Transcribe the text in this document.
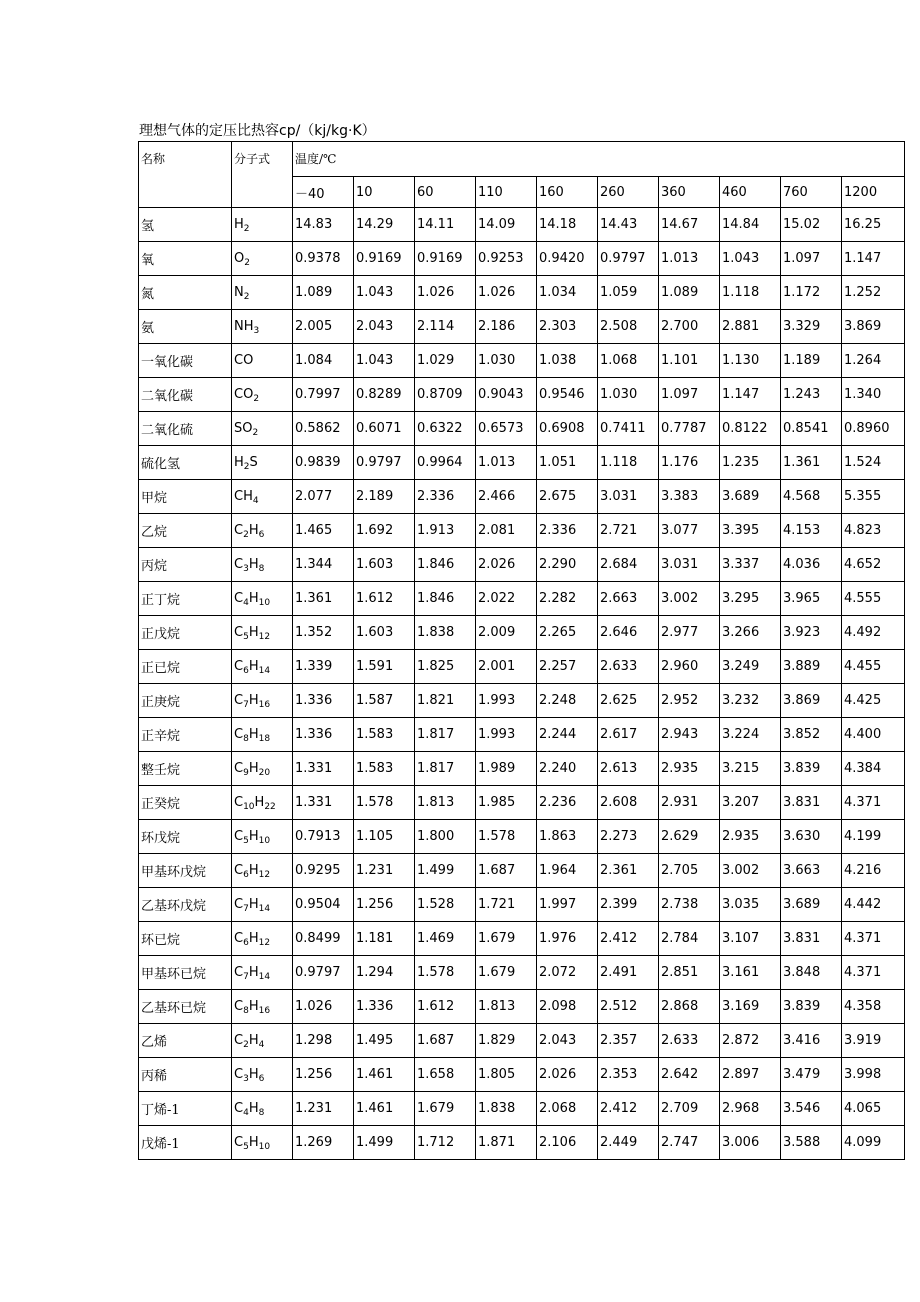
理想气体的定压比热容cp/（kj/kg·K）
名称	分子式	温度/℃									
		－40	10	60	110	160	260	360	460	760	1200
氢	$H_2$	14.83	14.29	14.11	14.09	14.18	14.43	14.67	14.84	15.02	16.25
氧	$O_2$	0.9378	0.9169	0.9169	0.9253	0.9420	0.9797	1.013	1.043	1.097	1.147
氮	$N_2$	1.089	1.043	1.026	1.026	1.034	1.059	1.089	1.118	1.172	1.252
氨	$NH_3$	2.005	2.043	2.114	2.186	2.303	2.508	2.700	2.881	3.329	3.869
一氧化碳	CO	1.084	1.043	1.029	1.030	1.038	1.068	1.101	1.130	1.189	1.264
二氧化碳	$CO_2$	0.7997	0.8289	0.8709	0.9043	0.9546	1.030	1.097	1.147	1.243	1.340
二氧化硫	$SO_2$	0.5862	0.6071	0.6322	0.6573	0.6908	0.7411	0.7787	0.8122	0.8541	0.8960
硫化氢	$H_2S$	0.9839	0.9797	0.9964	1.013	1.051	1.118	1.176	1.235	1.361	1.524
甲烷	$CH_4$	2.077	2.189	2.336	2.466	2.675	3.031	3.383	3.689	4.568	5.355
乙烷	$C_2H_6$	1.465	1.692	1.913	2.081	2.336	2.721	3.077	3.395	4.153	4.823
丙烷	$C_3H_8$	1.344	1.603	1.846	2.026	2.290	2.684	3.031	3.337	4.036	4.652
正丁烷	$C_4H_{10}$	1.361	1.612	1.846	2.022	2.282	2.663	3.002	3.295	3.965	4.555
正戊烷	$C_5H_{12}$	1.352	1.603	1.838	2.009	2.265	2.646	2.977	3.266	3.923	4.492
正已烷	$C_6H_{14}$	1.339	1.591	1.825	2.001	2.257	2.633	2.960	3.249	3.889	4.455
正庚烷	$C_7H_{16}$	1.336	1.587	1.821	1.993	2.248	2.625	2.952	3.232	3.869	4.425
正辛烷	$C_8H_{18}$	1.336	1.583	1.817	1.993	2.244	2.617	2.943	3.224	3.852	4.400
整壬烷	$C_9H_{20}$	1.331	1.583	1.817	1.989	2.240	2.613	2.935	3.215	3.839	4.384
正癸烷	$C_{10}H_{22}$	1.331	1.578	1.813	1.985	2.236	2.608	2.931	3.207	3.831	4.371
环戊烷	$C_5H_{10}$	0.7913	1.105	1.800	1.578	1.863	2.273	2.629	2.935	3.630	4.199
甲基环戊烷	$C_6H_{12}$	0.9295	1.231	1.499	1.687	1.964	2.361	2.705	3.002	3.663	4.216
乙基环戊烷	$C_7H_{14}$	0.9504	1.256	1.528	1.721	1.997	2.399	2.738	3.035	3.689	4.442
环已烷	$C_6H_{12}$	0.8499	1.181	1.469	1.679	1.976	2.412	2.784	3.107	3.831	4.371
甲基环已烷	$C_7H_{14}$	0.9797	1.294	1.578	1.679	2.072	2.491	2.851	3.161	3.848	4.371
乙基环已烷	$C_8H_{16}$	1.026	1.336	1.612	1.813	2.098	2.512	2.868	3.169	3.839	4.358
乙烯	$C_2H_4$	1.298	1.495	1.687	1.829	2.043	2.357	2.633	2.872	3.416	3.919
丙稀	$C_3H_6$	1.256	1.461	1.658	1.805	2.026	2.353	2.642	2.897	3.479	3.998
丁烯-1	$C_4H_8$	1.231	1.461	1.679	1.838	2.068	2.412	2.709	2.968	3.546	4.065
戊烯-1	$C_5H_{10}$	1.269	1.499	1.712	1.871	2.106	2.449	2.747	3.006	3.588	4.099
